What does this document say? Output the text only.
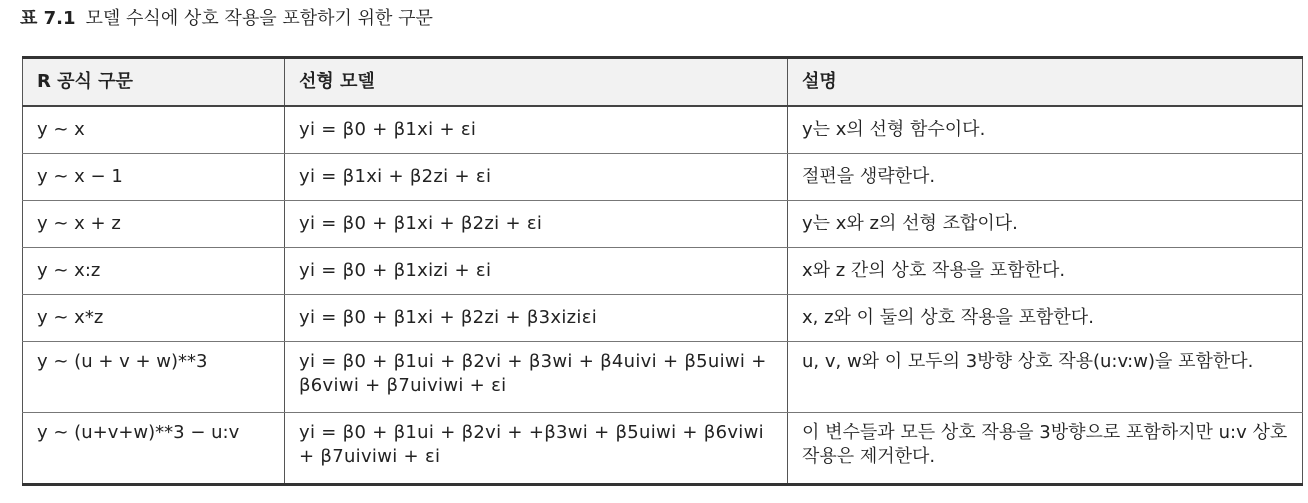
표 7.1 모델 수식에 상호 작용을 포함하기 위한 구문
R 공식 구문	선형 모델	설명
y ~ x	yi = β0 + β1xi + εi	y는 x의 선형 함수이다.
y ~ x − 1	yi = β1xi + β2zi + εi	절편을 생략한다.
y ~ x + z	yi = β0 + β1xi + β2zi + εi	y는 x와 z의 선형 조합이다.
y ~ x:z	yi = β0 + β1xizi + εi	x와 z 간의 상호 작용을 포함한다.
y ~ x*z	yi = β0 + β1xi + β2zi + β3xiziεi	x, z와 이 둘의 상호 작용을 포함한다.
y ~ (u + v + w)**3	yi = β0 + β1ui + β2vi + β3wi + β4uivi + β5uiwi + β6viwi + β7uiviwi + εi	u, v, w와 이 모두의 3방향 상호 작용(u:v:w)을 포함한다.
y ~ (u+v+w)**3 − u:v	yi = β0 + β1ui + β2vi + +β3wi + β5uiwi + β6viwi + β7uiviwi + εi	이 변수들과 모든 상호 작용을 3방향으로 포함하지만 u:v 상호 작용은 제거한다.
